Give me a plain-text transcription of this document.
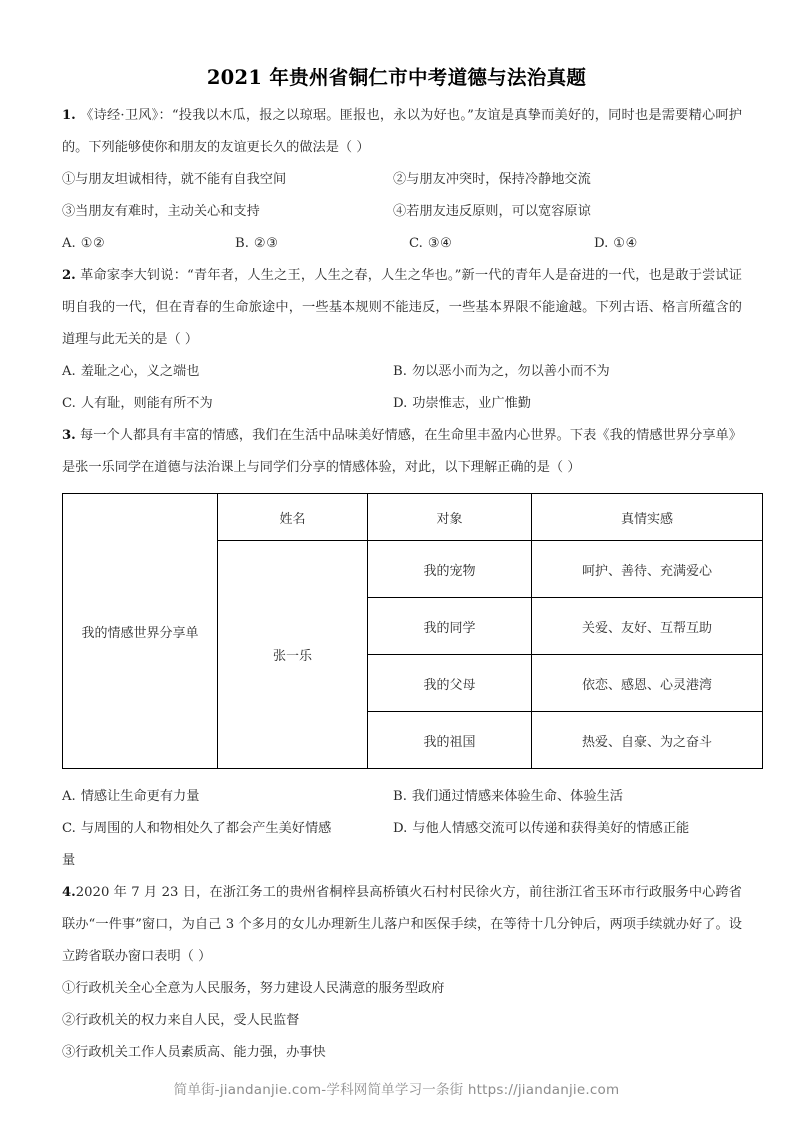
2021 年贵州省铜仁市中考道德与法治真题

1. 《诗经·卫风》：“投我以木瓜，报之以琼琚。匪报也，永以为好也。”友谊是真挚而美好的，同时也是需要精心呵护的。下列能够使你和朋友的友谊更长久的做法是（ ）

①与朋友坦诚相待，就不能有自我空间	②与朋友冲突时，保持冷静地交流
③当朋友有难时，主动关心和支持	④若朋友违反原则，可以宽容原谅
A. ①②	B. ②③	C. ③④	D. ①④

2. 革命家李大钊说：“青年者，人生之王，人生之春，人生之华也。”新一代的青年人是奋进的一代，也是敢于尝试证明自我的一代，但在青春的生命旅途中，一些基本规则不能违反，一些基本界限不能逾越。下列古语、格言所蕴含的道理与此无关的是（ ）

A. 羞耻之心，义之端也	B. 勿以恶小而为之，勿以善小而不为
C. 人有耻，则能有所不为	D. 功崇惟志，业广惟勤

3. 每一个人都具有丰富的情感，我们在生活中品味美好情感，在生命里丰盈内心世界。下表《我的情感世界分享单》是张一乐同学在道德与法治课上与同学们分享的情感体验，对此，以下理解正确的是（ ）

我的情感世界分享单	姓名	对象	真情实感
	张一乐	我的宠物	呵护、善待、充满爱心
		我的同学	关爱、友好、互帮互助
		我的父母	依恋、感恩、心灵港湾
		我的祖国	热爱、自豪、为之奋斗
A. 情感让生命更有力量	B. 我们通过情感来体验生命、体验生活
C. 与周围的人和物相处久了都会产生美好情感	D. 与他人情感交流可以传递和获得美好的情感正能
量

4.2020 年 7 月 23 日，在浙江务工的贵州省桐梓县高桥镇火石村村民徐火方，前往浙江省玉环市行政服务中心跨省联办“一件事”窗口，为自己 3 个多月的女儿办理新生儿落户和医保手续，在等待十几分钟后，两项手续就办好了。设立跨省联办窗口表明（ ）

①行政机关全心全意为人民服务，努力建设人民满意的服务型政府
②行政机关的权力来自人民，受人民监督
③行政机关工作人员素质高、能力强，办事快
简单街-jiandanjie.com-学科网简单学习一条街 https://jiandanjie.com
